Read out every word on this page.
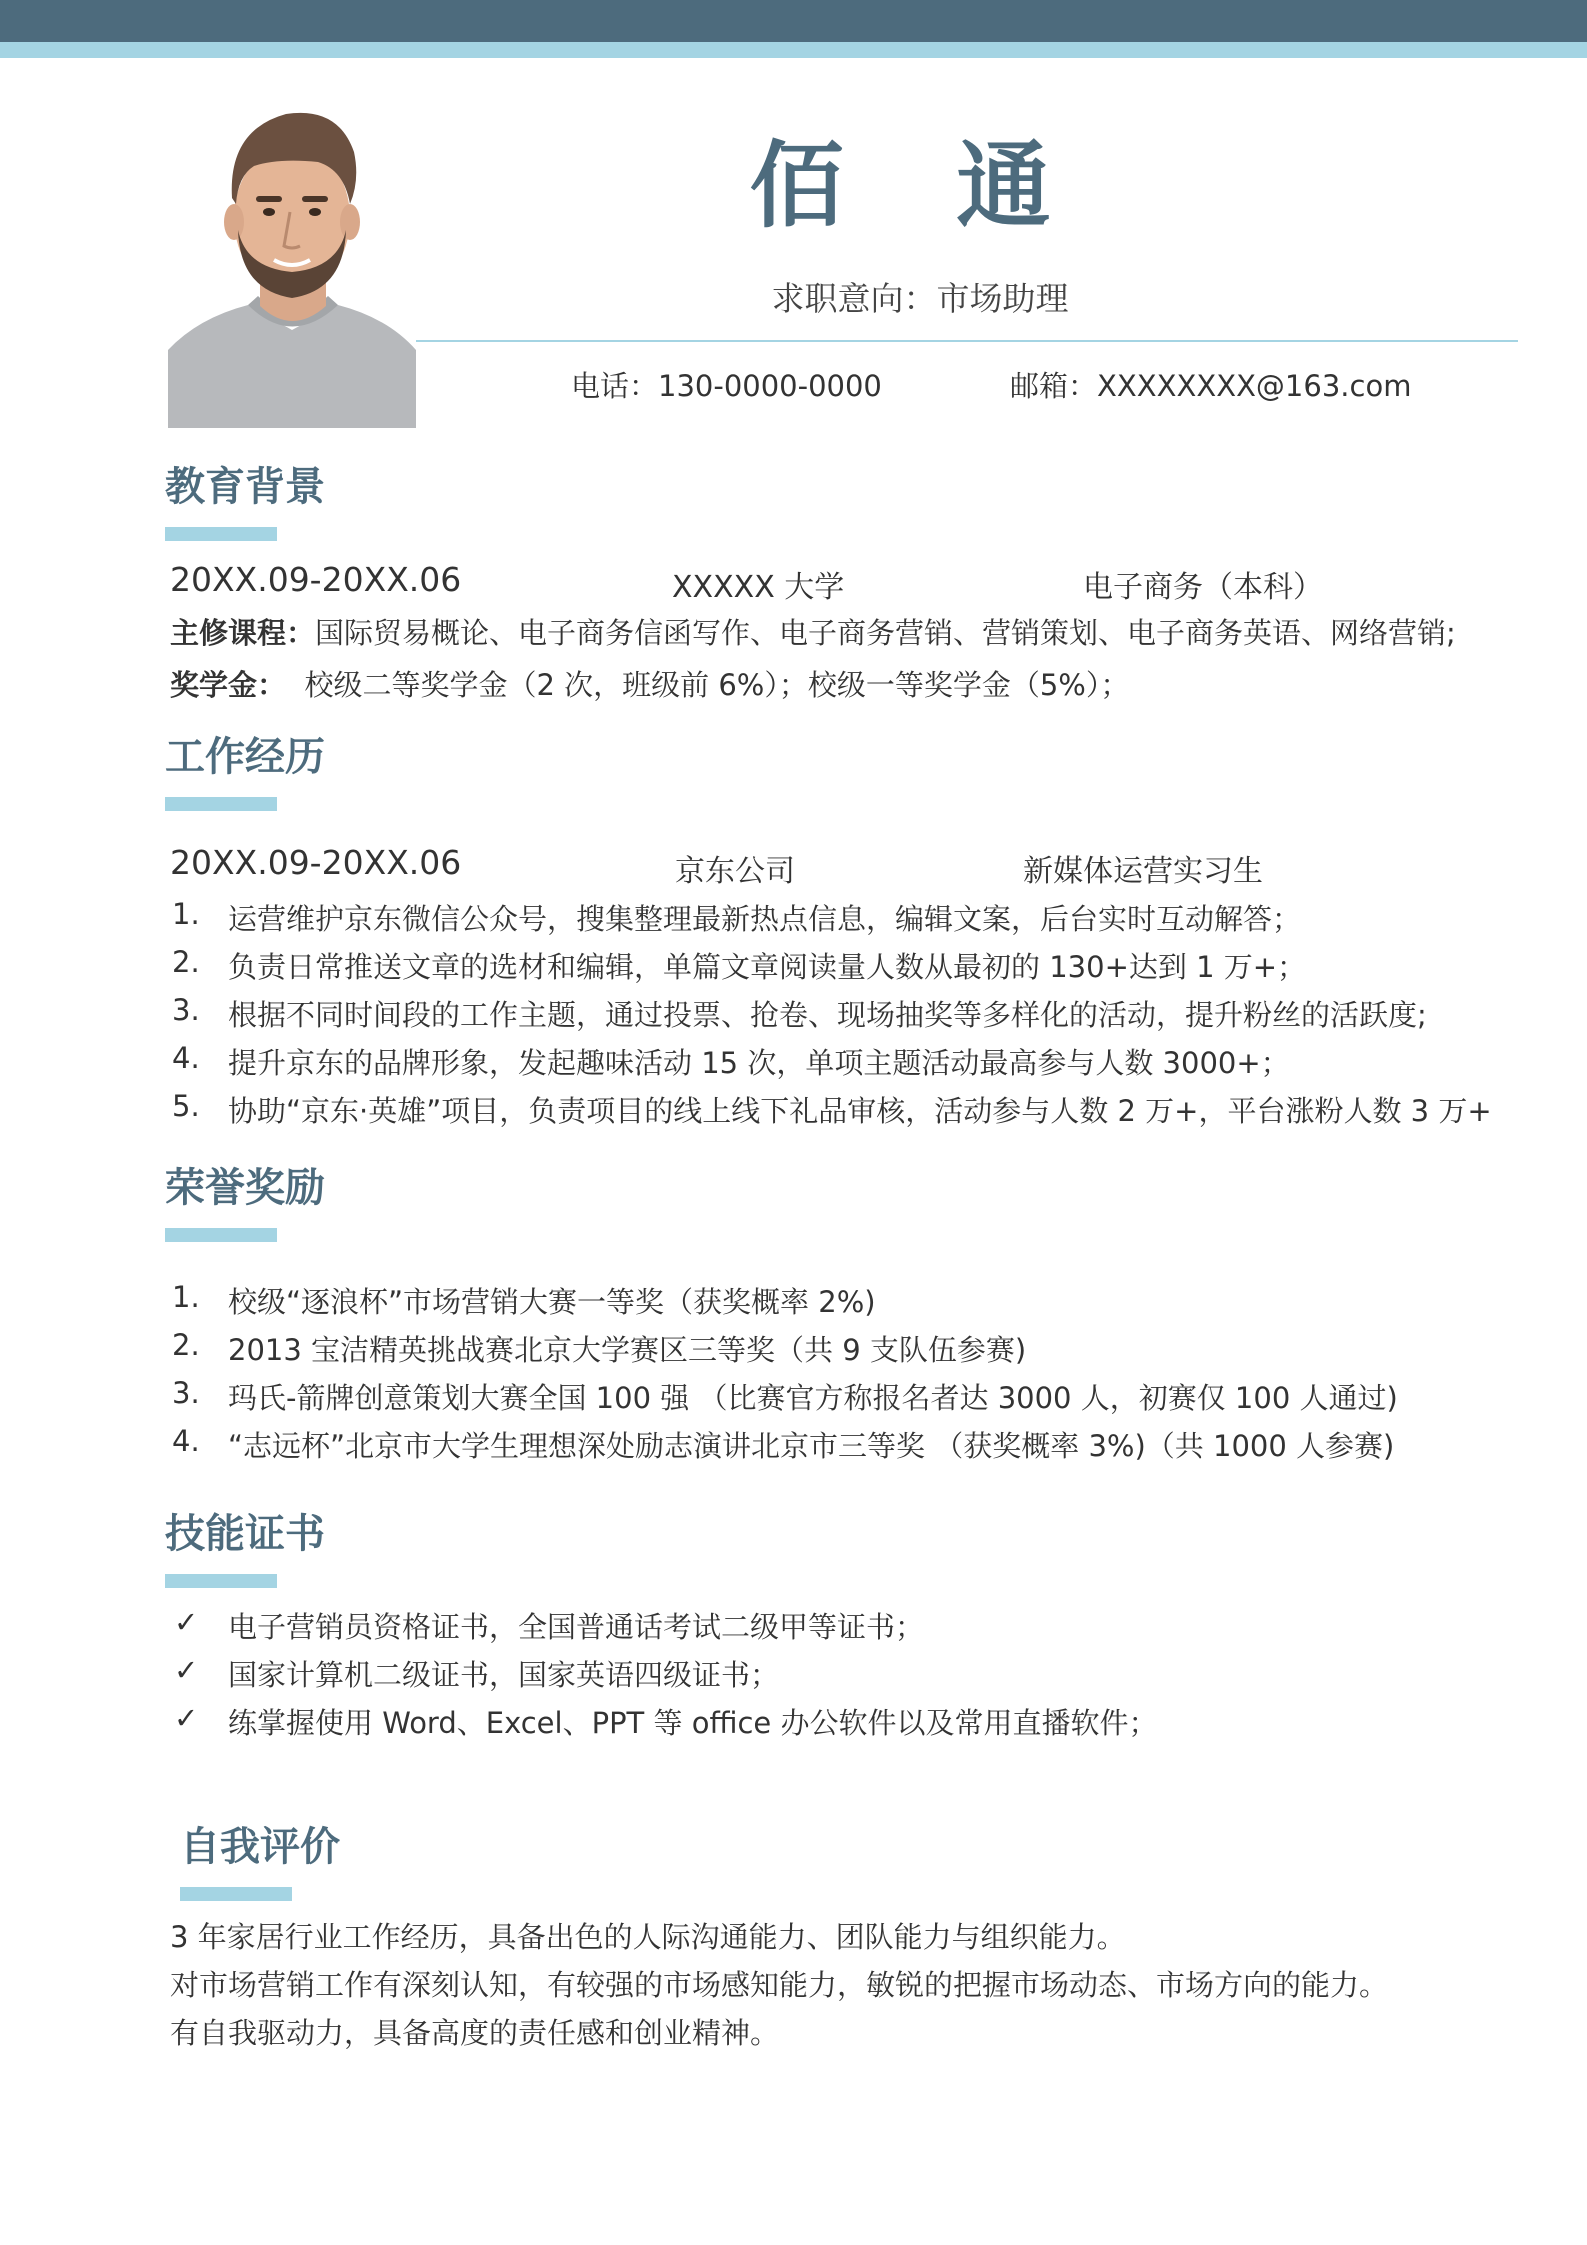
佰 通
求职意向：市场助理
电话：130-0000-0000	邮箱：XXXXXXXX@163.com
教育背景
20XX.09-20XX.06	XXXXX 大学	电子商务（本科）
主修课程：国际贸易概论、电子商务信函写作、电子商务营销、营销策划、电子商务英语、网络营销;
奖学金： 校级二等奖学金（2 次，班级前 6%）；校级一等奖学金（5%）；
工作经历
20XX.09-20XX.06	京东公司	新媒体运营实习生
1. 运营维护京东微信公众号，搜集整理最新热点信息，编辑文案，后台实时互动解答；
2. 负责日常推送文章的选材和编辑，单篇文章阅读量人数从最初的 130+达到 1 万+；
3. 根据不同时间段的工作主题，通过投票、抢卷、现场抽奖等多样化的活动，提升粉丝的活跃度;
4. 提升京东的品牌形象，发起趣味活动 15 次，单项主题活动最高参与人数 3000+；
5. 协助“京东·英雄”项目，负责项目的线上线下礼品审核，活动参与人数 2 万+，平台涨粉人数 3 万+
荣誉奖励
1. 校级“逐浪杯”市场营销大赛一等奖（获奖概率 2%)
2. 2013 宝洁精英挑战赛北京大学赛区三等奖（共 9 支队伍参赛)
3. 玛氏-箭牌创意策划大赛全国 100 强 （比赛官方称报名者达 3000 人，初赛仅 100 人通过)
4. “志远杯”北京市大学生理想深处励志演讲北京市三等奖 （获奖概率 3%)（共 1000 人参赛)
技能证书
✓ 电子营销员资格证书，全国普通话考试二级甲等证书；
✓ 国家计算机二级证书，国家英语四级证书；
✓ 练掌握使用 Word、Excel、PPT 等 office 办公软件以及常用直播软件；
自我评价
3 年家居行业工作经历，具备出色的人际沟通能力、团队能力与组织能力。
对市场营销工作有深刻认知，有较强的市场感知能力，敏锐的把握市场动态、市场方向的能力。
有自我驱动力，具备高度的责任感和创业精神。
